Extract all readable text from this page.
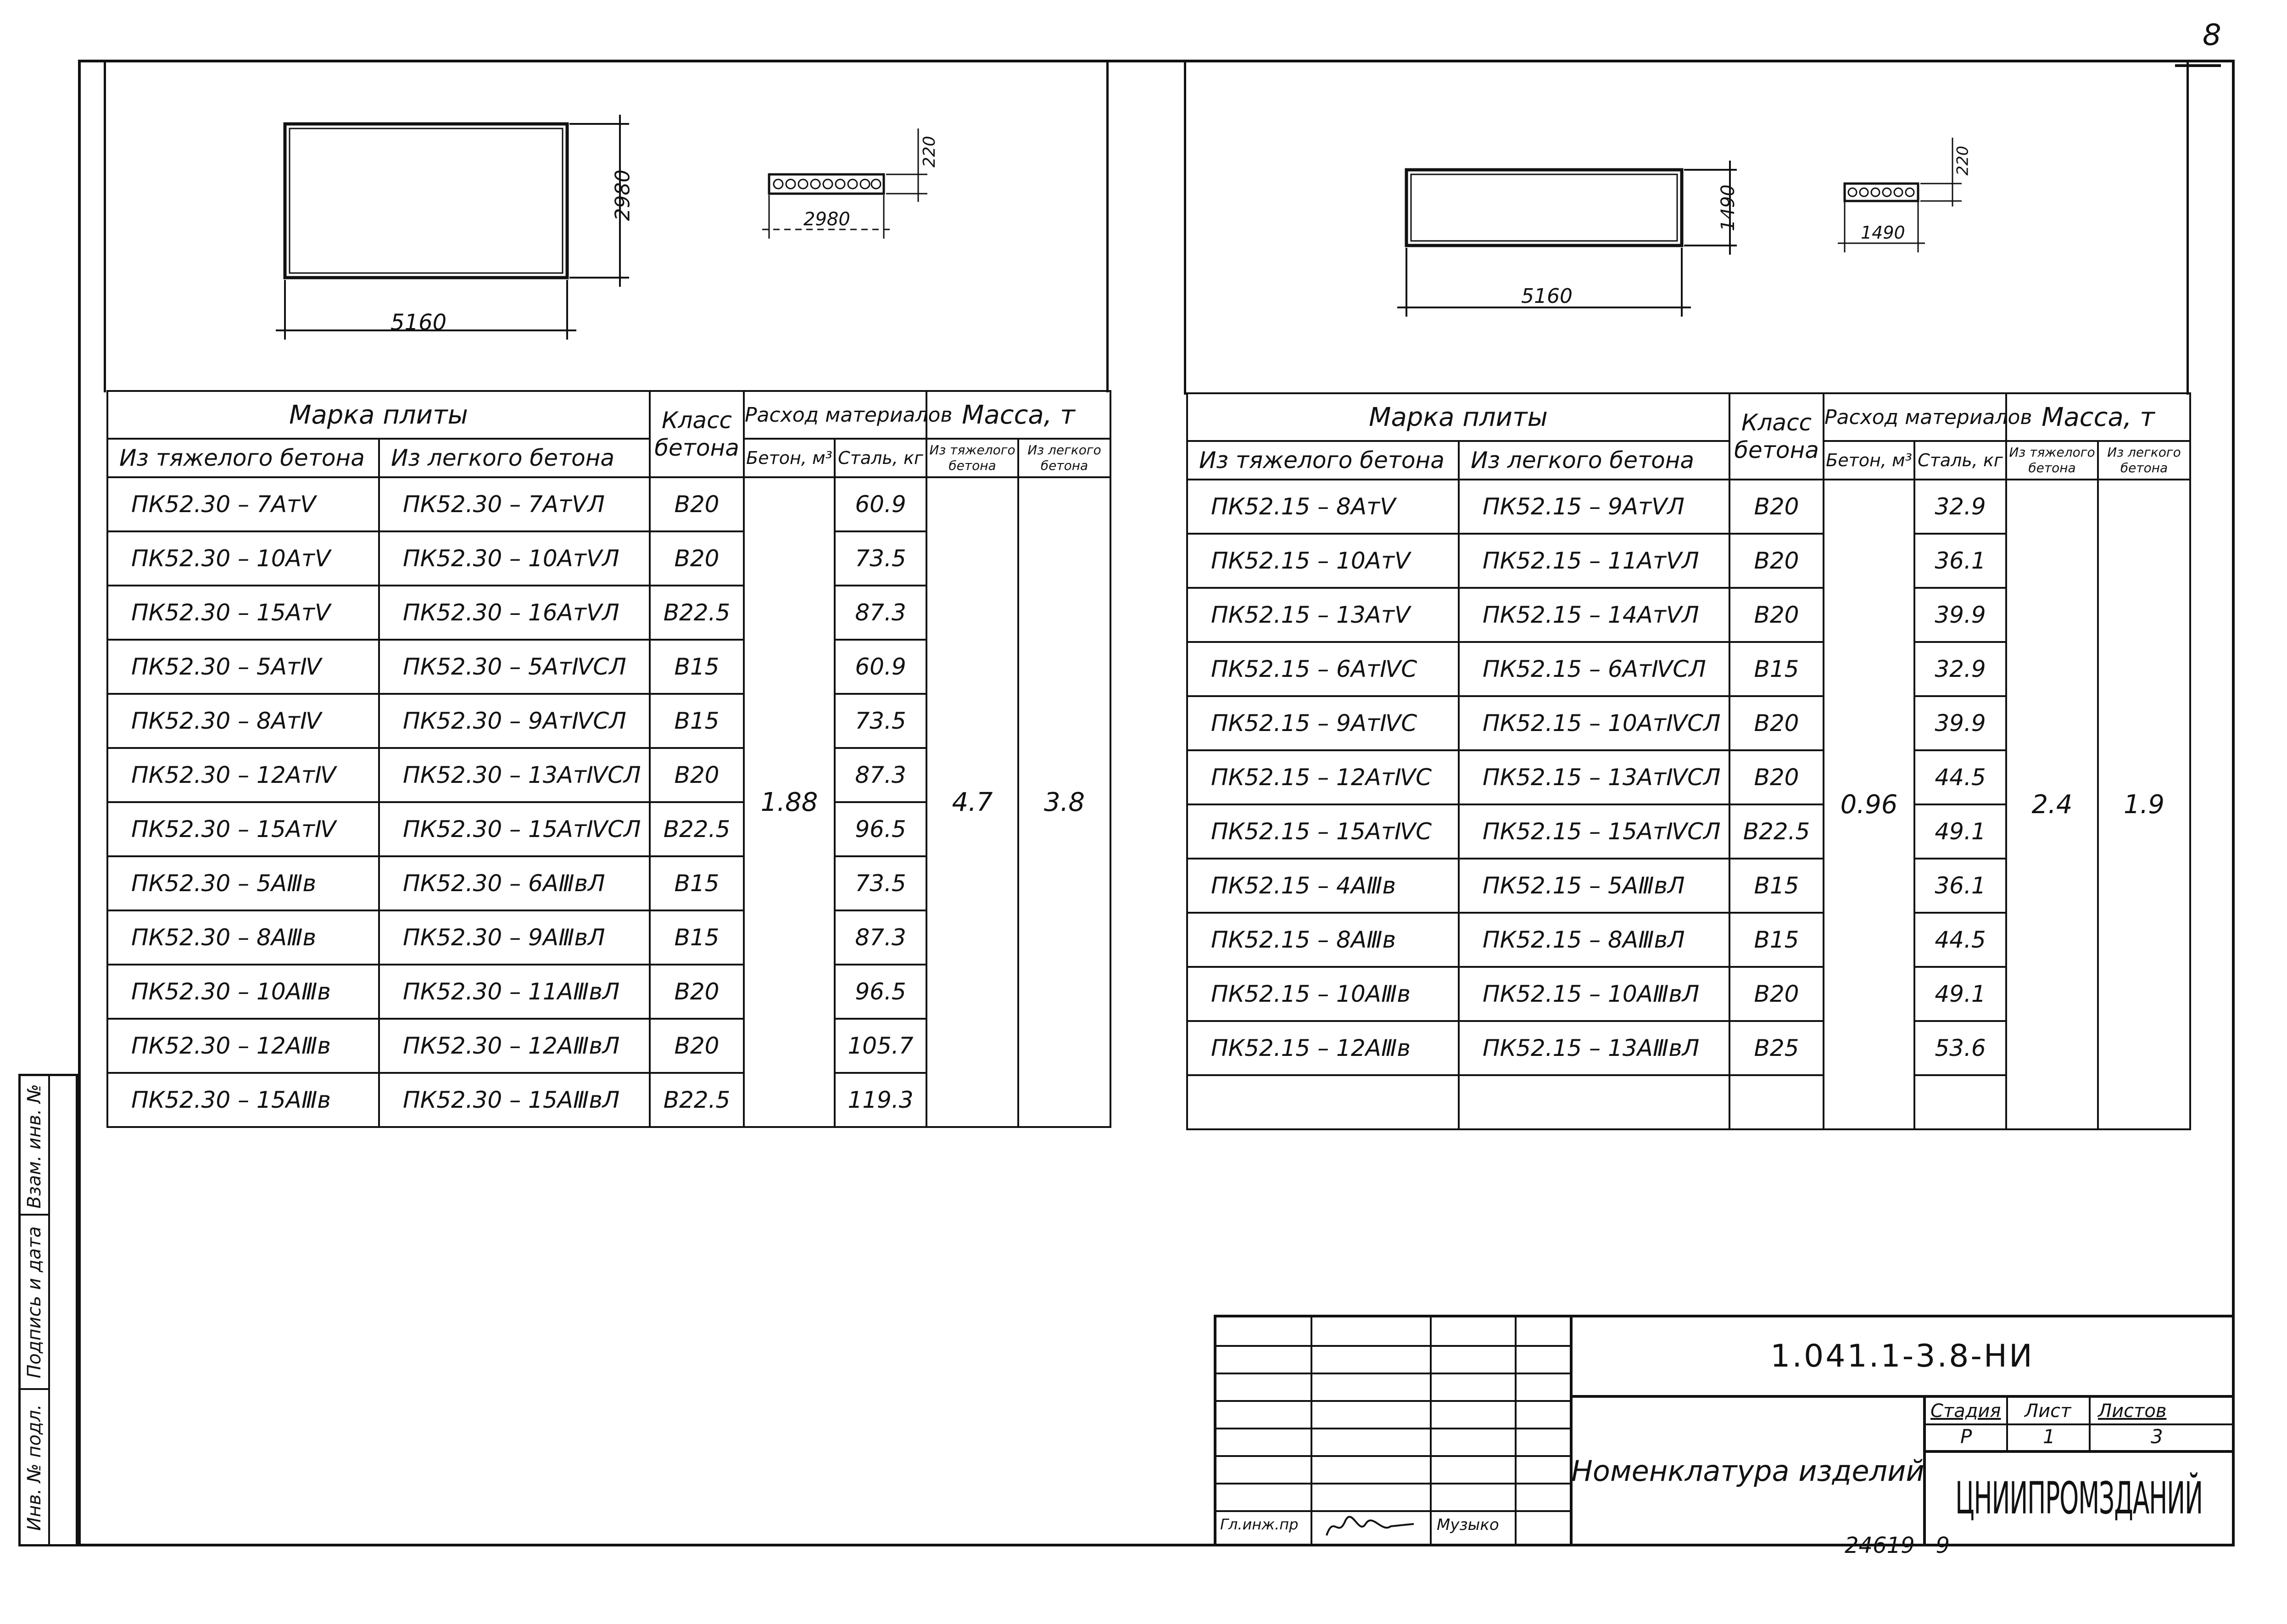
8
Взам. инв. №
Подпись и дата
Инв. № подл.
5160
2980	2980
220
Марка плиты		Класс бетона	Расход материалов		Масса, т	
Из тяжелого бетона	Из легкого бетона		Бетон, м³	Сталь, кг	Из тяжелого бетона	Из легкого бетона
ПК52.30 – 7АтⅤ	ПК52.30 – 7АтⅤЛ	В20	1.88	60.9	4.7	3.8
ПК52.30 – 10АтⅤ	ПК52.30 – 10АтⅤЛ	В20		73.5		
ПК52.30 – 15АтⅤ	ПК52.30 – 16АтⅤЛ	В22.5		87.3		
ПК52.30 – 5АтⅣ	ПК52.30 – 5АтⅣСЛ	В15		60.9		
ПК52.30 – 8АтⅣ	ПК52.30 – 9АтⅣСЛ	В15		73.5		
ПК52.30 – 12АтⅣ	ПК52.30 – 13АтⅣСЛ	В20		87.3		
ПК52.30 – 15АтⅣ	ПК52.30 – 15АтⅣСЛ	В22.5		96.5		
ПК52.30 – 5АⅢв	ПК52.30 – 6АⅢвЛ	В15		73.5		
ПК52.30 – 8АⅢв	ПК52.30 – 9АⅢвЛ	В15		87.3		
ПК52.30 – 10АⅢв	ПК52.30 – 11АⅢвЛ	В20		96.5		
ПК52.30 – 12АⅢв	ПК52.30 – 12АⅢвЛ	В20		105.7		
ПК52.30 – 15АⅢв	ПК52.30 – 15АⅢвЛ	В22.5		119.3		
5160
1490
1490
220
Марка плиты		Класс бетона	Расход материалов		Масса, т	
Из тяжелого бетона	Из легкого бетона		Бетон, м³	Сталь, кг	Из тяжелого бетона	Из легкого бетона
ПК52.15 – 8АтⅤ	ПК52.15 – 9АтⅤЛ	В20	0.96	32.9	2.4	1.9
ПК52.15 – 10АтⅤ	ПК52.15 – 11АтⅤЛ	В20		36.1		
ПК52.15 – 13АтⅤ	ПК52.15 – 14АтⅤЛ	В20		39.9		
ПК52.15 – 6АтⅣС	ПК52.15 – 6АтⅣСЛ	В15		32.9		
ПК52.15 – 9АтⅣС	ПК52.15 – 10АтⅣСЛ	В20		39.9		
ПК52.15 – 12АтⅣС	ПК52.15 – 13АтⅣСЛ	В20		44.5		
ПК52.15 – 15АтⅣС	ПК52.15 – 15АтⅣСЛ	В22.5		49.1		
ПК52.15 – 4АⅢв	ПК52.15 – 5АⅢвЛ	В15		36.1		
ПК52.15 – 8АⅢв	ПК52.15 – 8АⅢвЛ	В15		44.5		
ПК52.15 – 10АⅢв	ПК52.15 – 10АⅢвЛ	В20		49.1		
ПК52.15 – 12АⅢв	ПК52.15 – 13АⅢвЛ	В25		53.6		

Гл.инж.пр	Музыко
1.041.1-3.8-НИ
Номенклатура изделий
Стадия Лист Листов
Р	1	3
ЦНИИПРОМЗДАНИЙ
24619   9
